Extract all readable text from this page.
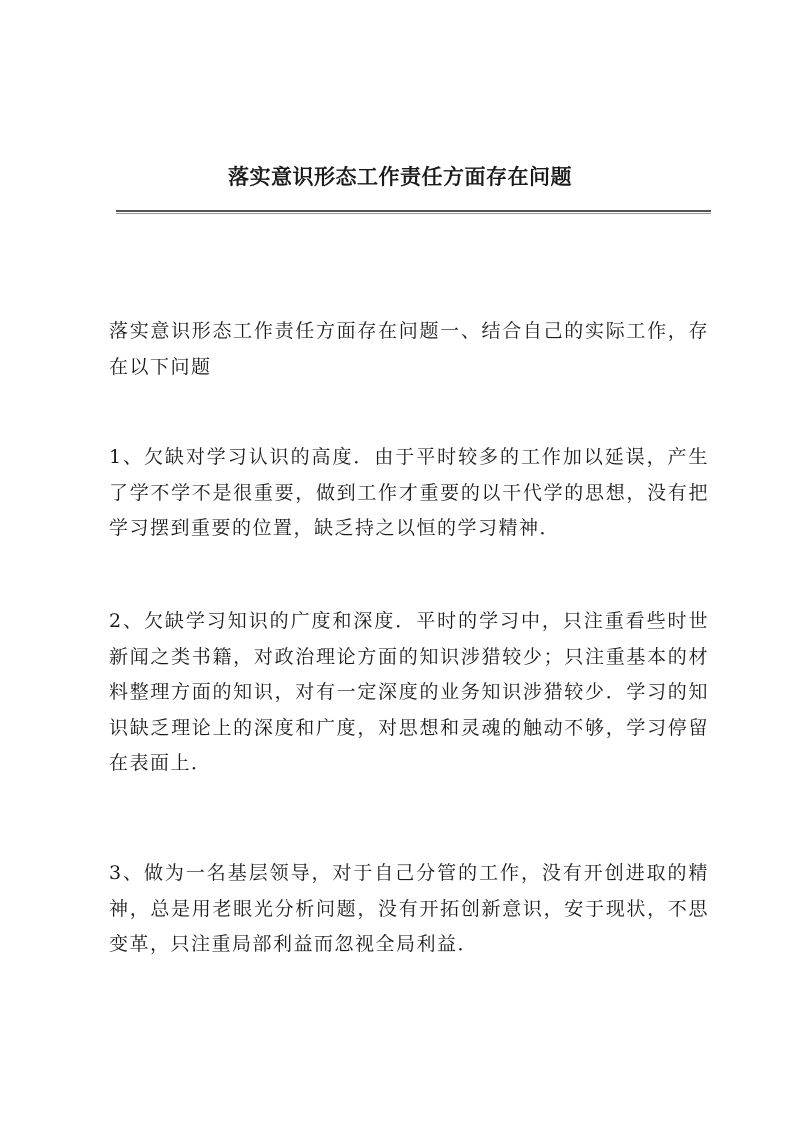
落实意识形态工作责任方面存在问题

落实意识形态工作责任方面存在问题一、结合自己的实际工作，存在以下问题

1、欠缺对学习认识的高度．由于平时较多的工作加以延误，产生了学不学不是很重要，做到工作才重要的以干代学的思想，没有把学习摆到重要的位置，缺乏持之以恒的学习精神．

2、欠缺学习知识的广度和深度．平时的学习中，只注重看些时世新闻之类书籍，对政治理论方面的知识涉猎较少；只注重基本的材料整理方面的知识，对有一定深度的业务知识涉猎较少．学习的知识缺乏理论上的深度和广度，对思想和灵魂的触动不够，学习停留在表面上．

3、做为一名基层领导，对于自己分管的工作，没有开创进取的精神，总是用老眼光分析问题，没有开拓创新意识，安于现状，不思变革，只注重局部利益而忽视全局利益．
